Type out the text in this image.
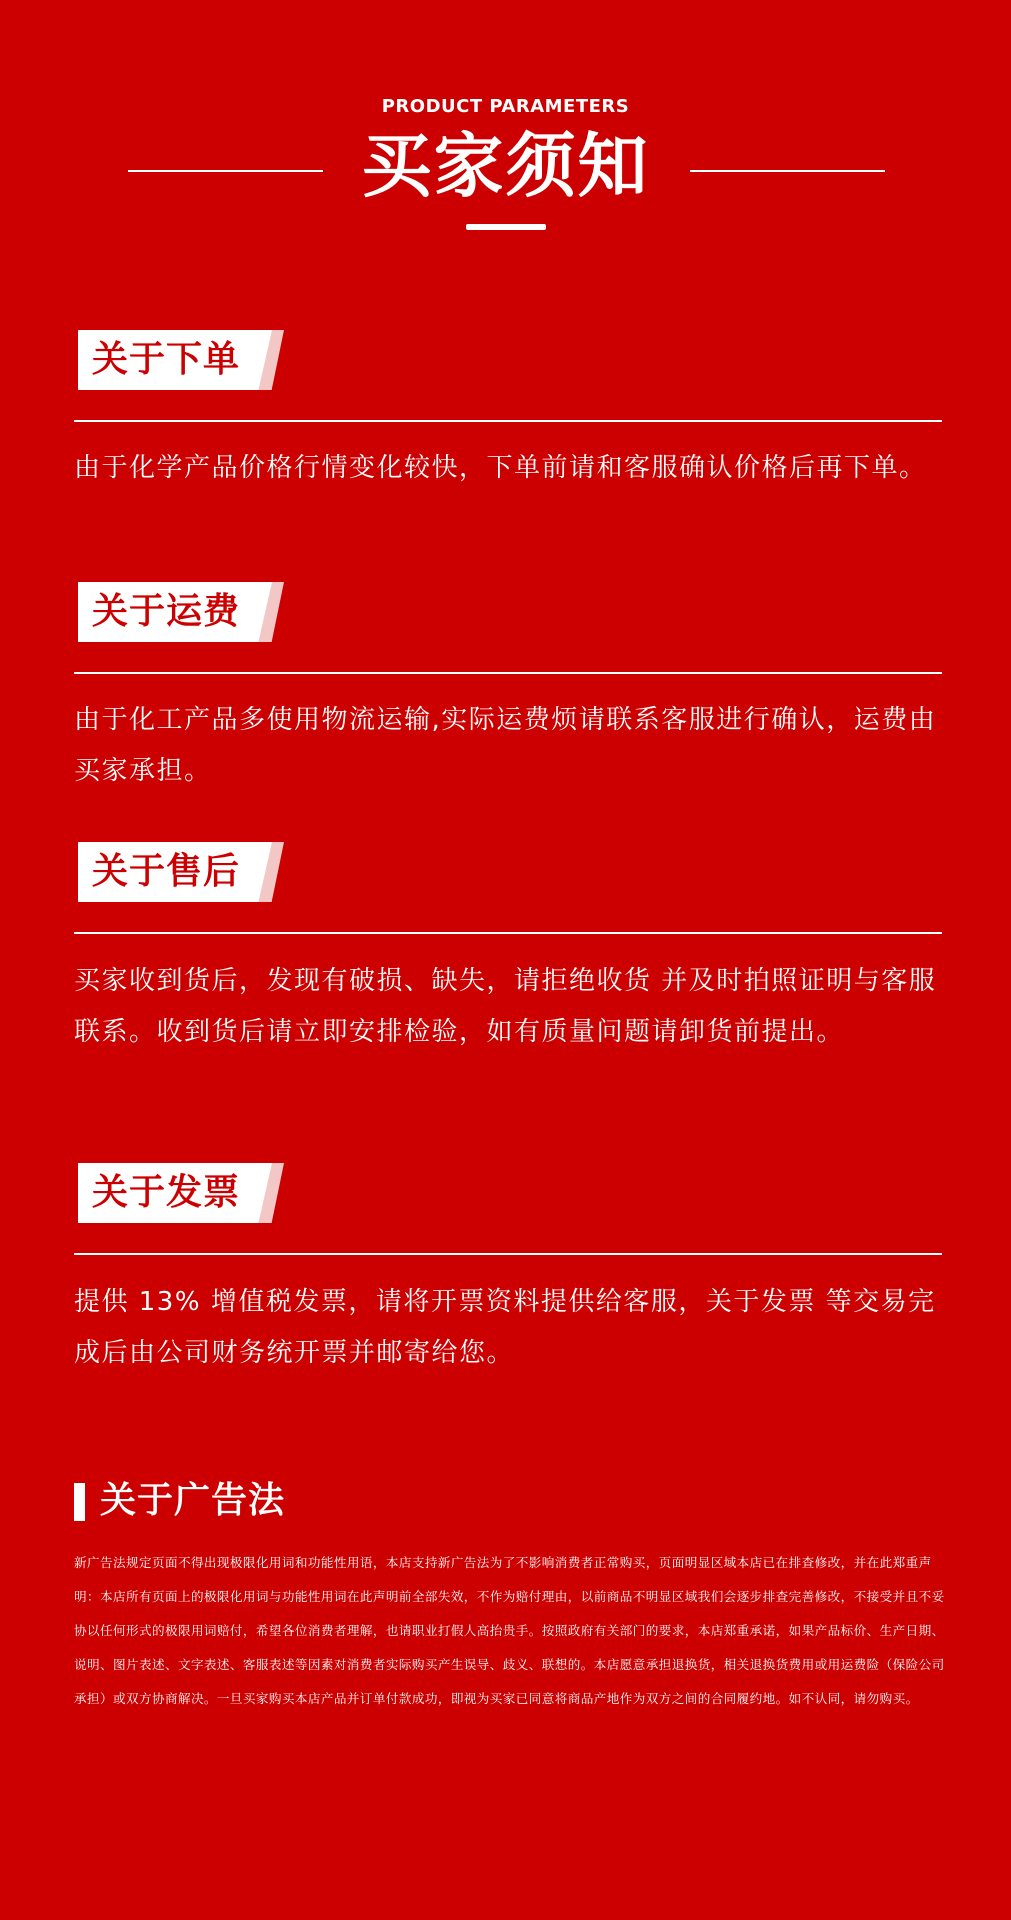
PRODUCT PARAMETERS
买家须知
关于下单
由于化学产品价格行情变化较快，下单前请和客服确认价格后再下单。
关于运费
由于化工产品多使用物流运输,实际运费烦请联系客服进行确认，运费由买家承担。
关于售后
买家收到货后，发现有破损、缺失，请拒绝收货 并及时拍照证明与客服联系。收到货后请立即安排检验，如有质量问题请卸货前提出。
关于发票
提供 13% 增值税发票，请将开票资料提供给客服，关于发票 等交易完成后由公司财务统开票并邮寄给您。
关于广告法
新广告法规定页面不得出现极限化用词和功能性用语，本店支持新广告法为了不影响消费者正常购买，页面明显区域本店已在排查修改，并在此郑重声明：本店所有页面上的极限化用词与功能性用词在此声明前全部失效，不作为赔付理由，以前商品不明显区域我们会逐步排查完善修改，不接受并且不妥协以任何形式的极限用词赔付，希望各位消费者理解，也请职业打假人高抬贵手。按照政府有关部门的要求，本店郑重承诺，如果产品标价、生产日期、说明、图片表述、文字表述、客服表述等因素对消费者实际购买产生误导、歧义、联想的。本店愿意承担退换货，相关退换货费用或用运费险（保险公司承担）或双方协商解决。一旦买家购买本店产品并订单付款成功，即视为买家已同意将商品产地作为双方之间的合同履约地。如不认同，请勿购买。
